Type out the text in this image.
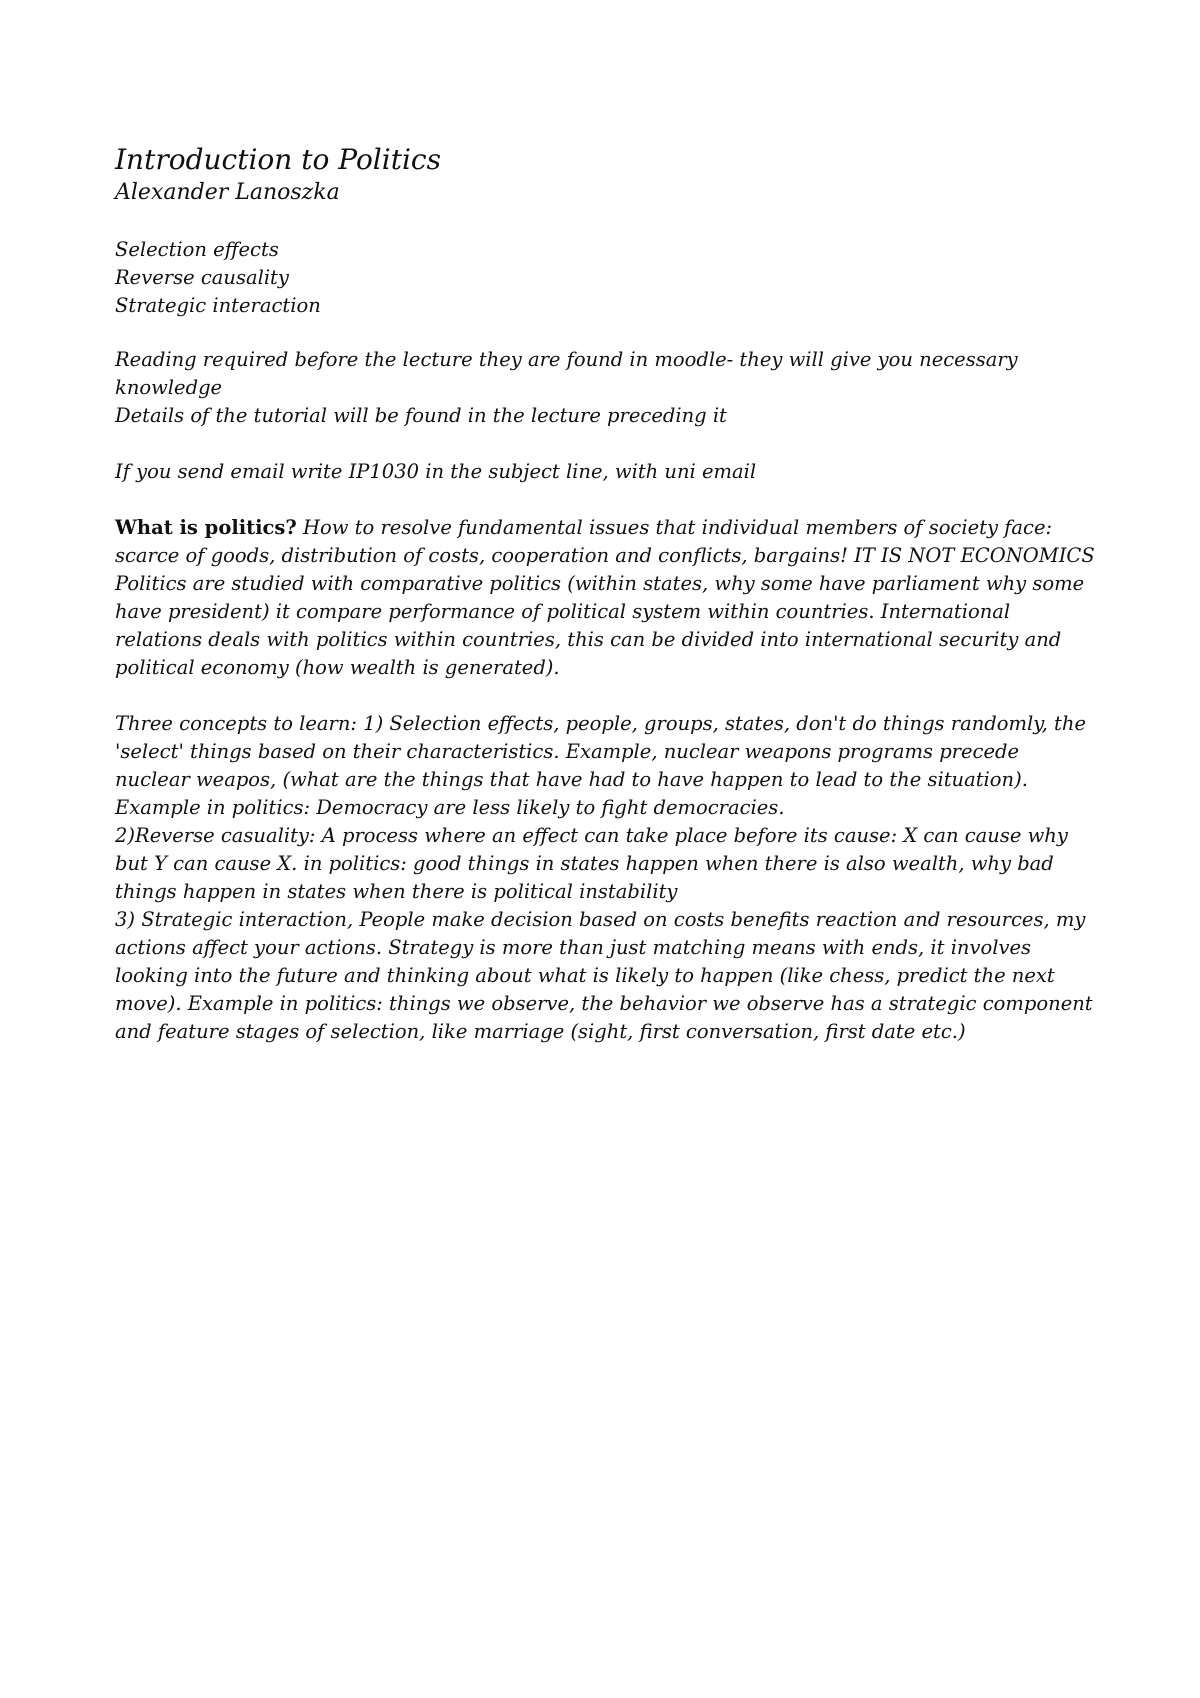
Introduction to Politics
Alexander Lanoszka
Selection effects
Reverse causality
Strategic interaction

Reading required before the lecture they are found in moodle- they will give you necessary knowledge
Details of the tutorial will be found in the lecture preceding it

If you send email write IP1030 in the subject line, with uni email

What is politics? How to resolve fundamental issues that individual members of society face: scarce of goods, distribution of costs, cooperation and conflicts, bargains! IT IS NOT ECONOMICS Politics are studied with comparative politics (within states, why some have parliament why some have president) it compare performance of political system within countries. International relations deals with politics within countries, this can be divided into international security and political economy (how wealth is generated).

Three concepts to learn: 1) Selection effects, people, groups, states, don't do things randomly, the 'select' things based on their characteristics. Example, nuclear weapons programs precede nuclear weapos, (what are the things that have had to have happen to lead to the situation). Example in politics: Democracy are less likely to fight democracies.
2)Reverse casuality: A process where an effect can take place before its cause: X can cause why but Y can cause X. in politics: good things in states happen when there is also wealth, why bad things happen in states when there is political instability
3) Strategic interaction, People make decision based on costs benefits reaction and resources, my actions affect your actions. Strategy is more than just matching means with ends, it involves looking into the future and thinking about what is likely to happen (like chess, predict the next move). Example in politics: things we observe, the behavior we observe has a strategic component and feature stages of selection, like marriage (sight, first conversation, first date etc.)
